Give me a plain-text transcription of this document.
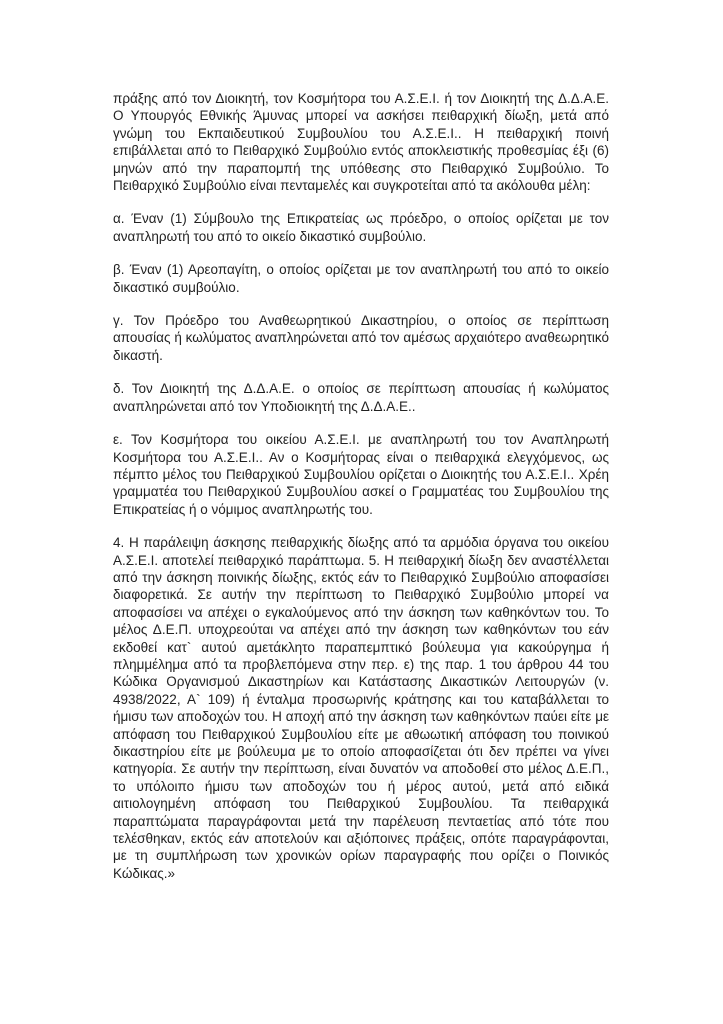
πράξης από τον Διοικητή, τον Κοσμήτορα του Α.Σ.Ε.Ι. ή τον Διοικητή της Δ.Δ.Α.Ε. Ο Υπουργός Εθνικής Άμυνας μπορεί να ασκήσει πειθαρχική δίωξη, μετά από γνώμη του Εκπαιδευτικού Συμβουλίου του Α.Σ.Ε.Ι.. Η πειθαρχική ποινή επιβάλλεται από το Πειθαρχικό Συμβούλιο εντός αποκλειστικής προθεσμίας έξι (6) μηνών από την παραπομπή της υπόθεσης στο Πειθαρχικό Συμβούλιο. Το Πειθαρχικό Συμβούλιο είναι πενταμελές και συγκροτείται από τα ακόλουθα μέλη:

α. Έναν (1) Σύμβουλο της Επικρατείας ως πρόεδρο, ο οποίος ορίζεται με τον αναπληρωτή του από το οικείο δικαστικό συμβούλιο.

β. Έναν (1) Αρεοπαγίτη, ο οποίος ορίζεται με τον αναπληρωτή του από το οικείο δικαστικό συμβούλιο.

γ. Τον Πρόεδρο του Αναθεωρητικού Δικαστηρίου, ο οποίος σε περίπτωση απουσίας ή κωλύματος αναπληρώνεται από τον αμέσως αρχαιότερο αναθεωρητικό δικαστή.

δ. Τον Διοικητή της Δ.Δ.Α.Ε. ο οποίος σε περίπτωση απουσίας ή κωλύματος αναπληρώνεται από τον Υποδιοικητή της Δ.Δ.Α.Ε..

ε. Τον Κοσμήτορα του οικείου Α.Σ.Ε.Ι. με αναπληρωτή του τον Αναπληρωτή Κοσμήτορα του Α.Σ.Ε.Ι.. Αν ο Κοσμήτορας είναι ο πειθαρχικά ελεγχόμενος, ως πέμπτο μέλος του Πειθαρχικού Συμβουλίου ορίζεται ο Διοικητής του Α.Σ.Ε.Ι.. Χρέη γραμματέα του Πειθαρχικού Συμβουλίου ασκεί ο Γραμματέας του Συμβουλίου της Επικρατείας ή ο νόμιμος αναπληρωτής του.

4. Η παράλειψη άσκησης πειθαρχικής δίωξης από τα αρμόδια όργανα του οικείου Α.Σ.Ε.Ι. αποτελεί πειθαρχικό παράπτωμα. 5. Η πειθαρχική δίωξη δεν αναστέλλεται από την άσκηση ποινικής δίωξης, εκτός εάν το Πειθαρχικό Συμβούλιο αποφασίσει διαφορετικά. Σε αυτήν την περίπτωση το Πειθαρχικό Συμβούλιο μπορεί να αποφασίσει να απέχει ο εγκαλούμενος από την άσκηση των καθηκόντων του. Το μέλος Δ.Ε.Π. υποχρεούται να απέχει από την άσκηση των καθηκόντων του εάν εκδοθεί κατ` αυτού αμετάκλητο παραπεμπτικό βούλευμα για κακούργημα ή πλημμέλημα από τα προβλεπόμενα στην περ. ε) της παρ. 1 του άρθρου 44 του Κώδικα Οργανισμού Δικαστηρίων και Κατάστασης Δικαστικών Λειτουργών (ν. 4938/2022, Α` 109) ή ένταλμα προσωρινής κράτησης και του καταβάλλεται το ήμισυ των αποδοχών του. Η αποχή από την άσκηση των καθηκόντων παύει είτε με απόφαση του Πειθαρχικού Συμβουλίου είτε με αθωωτική απόφαση του ποινικού δικαστηρίου είτε με βούλευμα με το οποίο αποφασίζεται ότι δεν πρέπει να γίνει κατηγορία. Σε αυτήν την περίπτωση, είναι δυνατόν να αποδοθεί στο μέλος Δ.Ε.Π., το υπόλοιπο ήμισυ των αποδοχών του ή μέρος αυτού, μετά από ειδικά αιτιολογημένη απόφαση του Πειθαρχικού Συμβουλίου. Τα πειθαρχικά παραπτώματα παραγράφονται μετά την παρέλευση πενταετίας από τότε που τελέσθηκαν, εκτός εάν αποτελούν και αξιόποινες πράξεις, οπότε παραγράφονται, με τη συμπλήρωση των χρονικών ορίων παραγραφής που ορίζει ο Ποινικός Κώδικας.»
